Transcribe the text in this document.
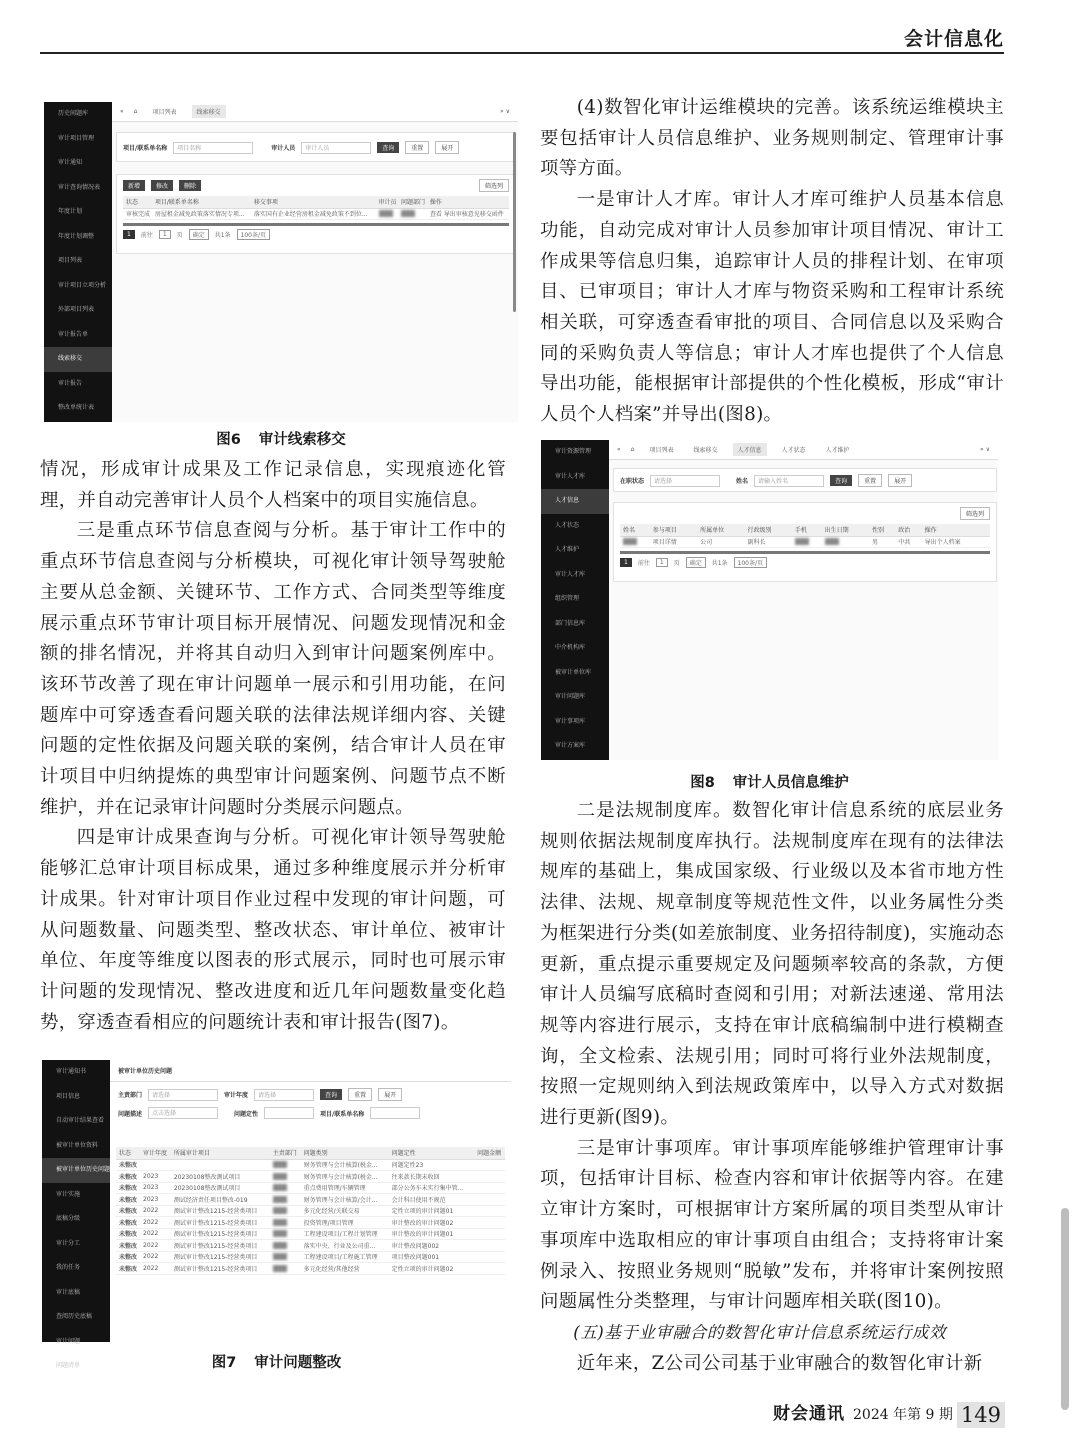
会计信息化
历史间题库
审计项目管理
审计通知
审计查询情况表
年度计划
年度计划调整
项目列表
审计项目立项分析
外部项目列表
审计报告单
线索移交
审计报告
整改单统计表
« ⌂	项目列表	线索移交	» ∨
项目/联系单名称	项目名称	审计人员	审计人员	查询	重置	展开
新增	修改	删除	筛选列
状态	项目/联系单名称	移交事项	审计员	问题部门	操作
审核完成	房屋租金减免政策落实情况专项...	落实国有企业经营房租金减免政策不到位...			查看 导出审核意见移交函件
1	前往	1	页	确定	共1条	100条/页
图6 审计线索移交

情况，形成审计成果及工作记录信息，实现痕迹化管理，并自动完善审计人员个人档案中的项目实施信息。

三是重点环节信息查阅与分析。基于审计工作中的重点环节信息查阅与分析模块，可视化审计领导驾驶舱主要从总金额、关键环节、工作方式、合同类型等维度展示重点环节审计项目标开展情况、问题发现情况和金额的排名情况，并将其自动归入到审计问题案例库中。该环节改善了现在审计问题单一展示和引用功能，在问题库中可穿透查看问题关联的法律法规详细内容、关键问题的定性依据及问题关联的案例，结合审计人员在审计项目中归纳提炼的典型审计问题案例、问题节点不断维护，并在记录审计问题时分类展示问题点。

四是审计成果查询与分析。可视化审计领导驾驶舱能够汇总审计项目标成果，通过多种维度展示并分析审计成果。针对审计项目作业过程中发现的审计问题，可从问题数量、问题类型、整改状态、审计单位、被审计单位、年度等维度以图表的形式展示，同时也可展示审计问题的发现情况、整改进度和近几年问题数量变化趋势，穿透查看相应的问题统计表和审计报告(图7)。

审计通知书
项目信息
自动审计结果查看
被审计单位资料
被审计单位历史问题
审计实施
底稿分级
审计分工
我的任务
审计底稿
查阅历史底稿
审计问题
问题清单
被审计单位历史问题
主责部门	请选择	审计年度	请选择	查询	重置	展开
问题描述	点击选择	问题定性	项目/联系单名称
状态	审计年度	所属审计项目	主责部门	问题类别	问题定性	问题金额
未整改				财务管理与会计核算(税金...	问题定性23	
未整改	2023	20230108整改测试项目		财务管理与会计核算(税金...	往来款长期未收回	
未整改	2023	20230108整改测试项目		重点费用管理/车辆管理	部分公务车未实行集中管...	
未整改	2023	测试经济责任项目整改-019		财务管理与会计核算/会计...	会计科目使用不规范	
未整改	2022	测试审计整改1215-经营类项目		多元化经营/关联交易	定性立项的审计问题01	
未整改	2022	测试审计整改1215-经营类项目		投资管理/项目管理	审计整改的审计问题02	
未整改	2022	测试审计整改1215-经营类项目		工程建设项目/工程计划管理	审计整改的审计问题01	
未整改	2022	测试审计整改1215-经营类项目		落实中央、行业及公司重...	审计整改问题002	
未整改	2022	测试审计整改1215-经营类项目		工程建设项目/工程施工管理	项目整改问题001	
未整改	2022	测试审计整改1215-经营类项目		多元化经营/其他经营	定性立项的审计问题02	
图7 审计问题整改

(4)数智化审计运维模块的完善。该系统运维模块主要包括审计人员信息维护、业务规则制定、管理审计事项等方面。

一是审计人才库。审计人才库可维护人员基本信息功能，自动完成对审计人员参加审计项目情况、审计工作成果等信息归集，追踪审计人员的排程计划、在审项目、已审项目；审计人才库与物资采购和工程审计系统相关联，可穿透查看审批的项目、合同信息以及采购合同的采购负责人等信息；审计人才库也提供了个人信息导出功能，能根据审计部提供的个性化模板，形成“审计人员个人档案”并导出(图8)。

审计资源管理
审计人才库
人才信息
人才状态
人才维护
审计人才库
组织管理
部门信息库
中介机构库
被审计单位库
审计问题库
审计事项库
审计方案库
« ⌂	项目列表	线索移交	人才信息	人才状态	人才维护	» ∨
在职状态	请选择	姓名	请输入姓名	查询	重置	展开
筛选列
姓名	参与项目	所属单位	行政级别	手机	出生日期	性别	政治	操作
	项目详情	公司	副科长			男	中共	导出个人档案
1	前往	1	页	确定	共1条	100条/页
图8 审计人员信息维护

二是法规制度库。数智化审计信息系统的底层业务规则依据法规制度库执行。法规制度库在现有的法律法规库的基础上，集成国家级、行业级以及本省市地方性法律、法规、规章制度等规范性文件，以业务属性分类为框架进行分类(如差旅制度、业务招待制度)，实施动态更新，重点提示重要规定及问题频率较高的条款，方便审计人员编写底稿时查阅和引用；对新法速递、常用法规等内容进行展示，支持在审计底稿编制中进行模糊查询，全文检索、法规引用；同时可将行业外法规制度，按照一定规则纳入到法规政策库中，以导入方式对数据进行更新(图9)。

三是审计事项库。审计事项库能够维护管理审计事项，包括审计目标、检查内容和审计依据等内容。在建立审计方案时，可根据审计方案所属的项目类型从审计事项库中选取相应的审计事项自由组合；支持将审计案例录入、按照业务规则“脱敏”发布，并将审计案例按照问题属性分类整理，与审计问题库相关联(图10)。

(五)基于业审融合的数智化审计信息系统运行成效

近年来，Z公司公司基于业审融合的数智化审计新

财会通讯 2024 年第 9 期 149
